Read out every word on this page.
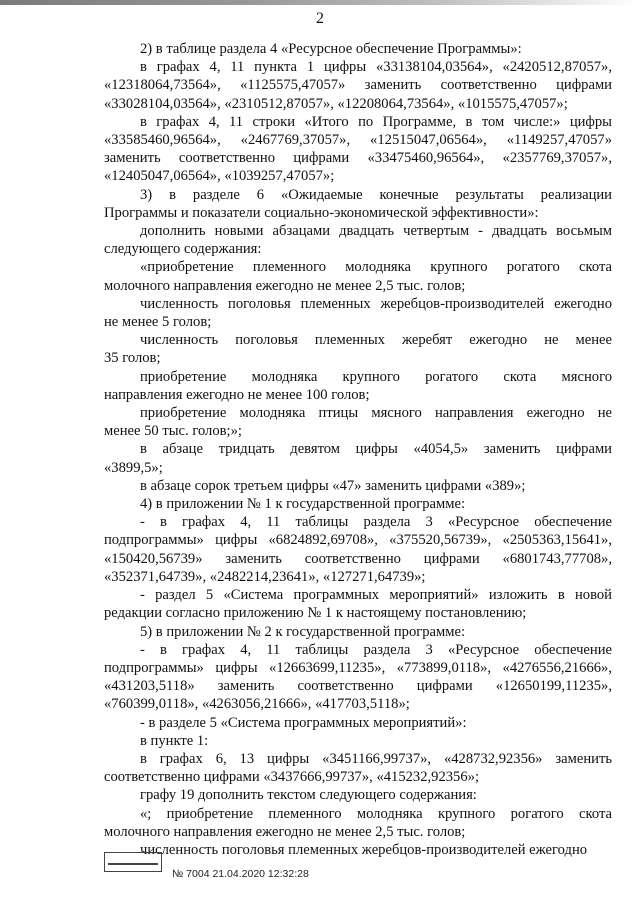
2

2) в таблице раздела 4 «Ресурсное обеспечение Программы»:

в графах 4, 11 пункта 1 цифры «33138104,03564», «2420512,87057»,

«12318064,73564», «1125575,47057» заменить соответственно цифрами

«33028104,03564», «2310512,87057», «12208064,73564», «1015575,47057»;

в графах 4, 11 строки «Итого по Программе, в том числе:» цифры

«33585460,96564», «2467769,37057», «12515047,06564», «1149257,47057»

заменить соответственно цифрами «33475460,96564», «2357769,37057»,

«12405047,06564», «1039257,47057»;

3) в разделе 6 «Ожидаемые конечные результаты реализации

Программы и показатели социально-экономической эффективности»:

дополнить новыми абзацами двадцать четвертым - двадцать восьмым

следующего содержания:

«приобретение племенного молодняка крупного рогатого скота

молочного направления ежегодно не менее 2,5 тыс. голов;

численность поголовья племенных жеребцов-производителей ежегодно

не менее 5 голов;

численность поголовья племенных жеребят ежегодно не менее

35 голов;

приобретение молодняка крупного рогатого скота мясного

направления ежегодно не менее 100 голов;

приобретение молодняка птицы мясного направления ежегодно не

менее 50 тыс. голов;»;

в абзаце тридцать девятом цифры «4054,5» заменить цифрами

«3899,5»;

в абзаце сорок третьем цифры «47» заменить цифрами «389»;

4) в приложении № 1 к государственной программе:

- в графах 4, 11 таблицы раздела 3 «Ресурсное обеспечение

подпрограммы» цифры «6824892,69708», «375520,56739», «2505363,15641»,

«150420,56739» заменить соответственно цифрами «6801743,77708»,

«352371,64739», «2482214,23641», «127271,64739»;

- раздел 5 «Система программных мероприятий» изложить в новой

редакции согласно приложению № 1 к настоящему постановлению;

5) в приложении № 2 к государственной программе:

- в графах 4, 11 таблицы раздела 3 «Ресурсное обеспечение

подпрограммы» цифры «12663699,11235», «773899,0118», «4276556,21666»,

«431203,5118» заменить соответственно цифрами «12650199,11235»,

«760399,0118», «4263056,21666», «417703,5118»;

- в разделе 5 «Система программных мероприятий»:

в пункте 1:

в графах 6, 13 цифры «3451166,99737», «428732,92356» заменить

соответственно цифрами «3437666,99737», «415232,92356»;

графу 19 дополнить текстом следующего содержания:

«; приобретение племенного молодняка крупного рогатого скота

молочного направления ежегодно не менее 2,5 тыс. голов;

численность поголовья племенных жеребцов-производителей ежегодно

№ 7004 21.04.2020 12:32:28
